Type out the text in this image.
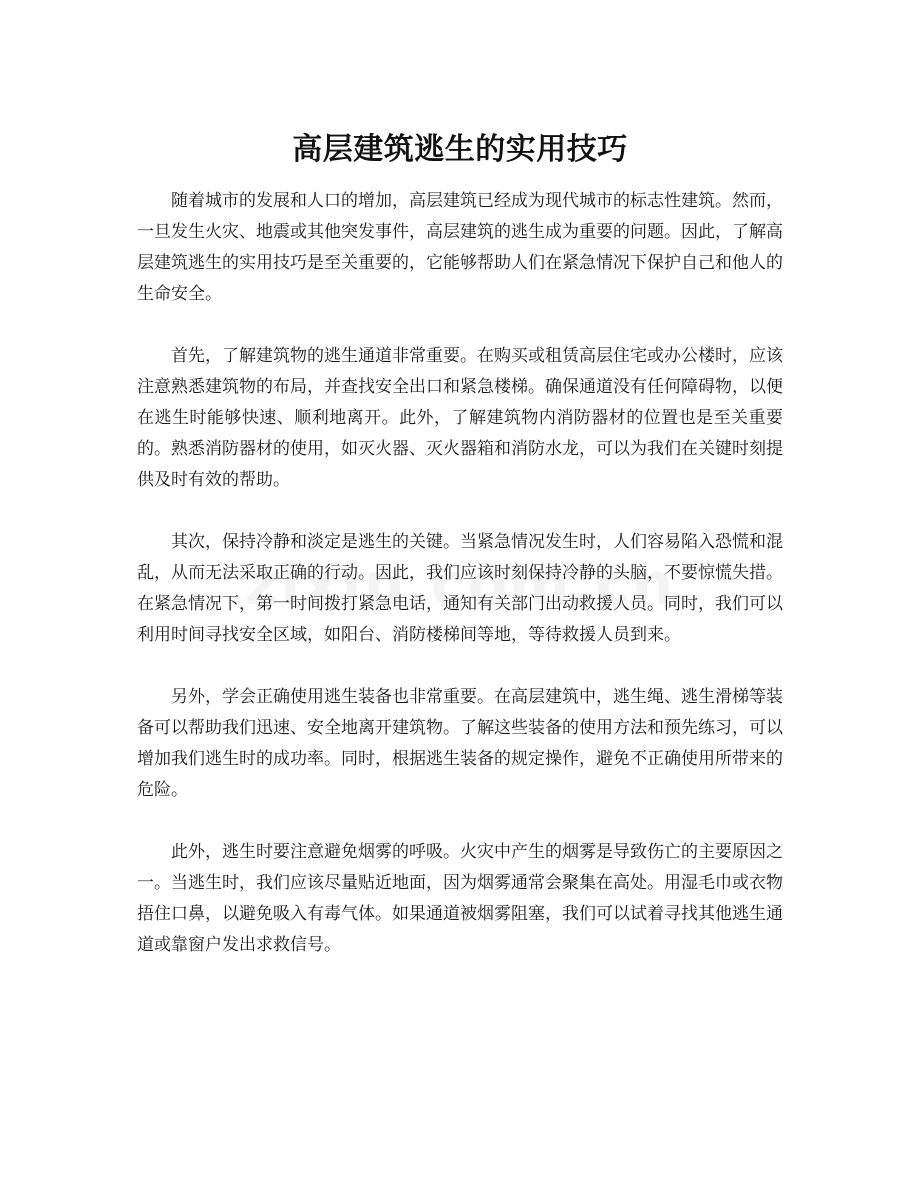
高层建筑逃生的实用技巧

随着城市的发展和人口的增加，高层建筑已经成为现代城市的标志性建筑。然而，一旦发生火灾、地震或其他突发事件，高层建筑的逃生成为重要的问题。因此，了解高层建筑逃生的实用技巧是至关重要的，它能够帮助人们在紧急情况下保护自己和他人的生命安全。

首先，了解建筑物的逃生通道非常重要。在购买或租赁高层住宅或办公楼时，应该注意熟悉建筑物的布局，并查找安全出口和紧急楼梯。确保通道没有任何障碍物，以便在逃生时能够快速、顺利地离开。此外，了解建筑物内消防器材的位置也是至关重要的。熟悉消防器材的使用，如灭火器、灭火器箱和消防水龙，可以为我们在关键时刻提供及时有效的帮助。

其次，保持冷静和淡定是逃生的关键。当紧急情况发生时，人们容易陷入恐慌和混乱，从而无法采取正确的行动。因此，我们应该时刻保持冷静的头脑，不要惊慌失措。在紧急情况下，第一时间拨打紧急电话，通知有关部门出动救援人员。同时，我们可以利用时间寻找安全区域，如阳台、消防楼梯间等地，等待救援人员到来。

另外，学会正确使用逃生装备也非常重要。在高层建筑中，逃生绳、逃生滑梯等装备可以帮助我们迅速、安全地离开建筑物。了解这些装备的使用方法和预先练习，可以增加我们逃生时的成功率。同时，根据逃生装备的规定操作，避免不正确使用所带来的危险。

此外，逃生时要注意避免烟雾的呼吸。火灾中产生的烟雾是导致伤亡的主要原因之一。当逃生时，我们应该尽量贴近地面，因为烟雾通常会聚集在高处。用湿毛巾或衣物捂住口鼻，以避免吸入有毒气体。如果通道被烟雾阻塞，我们可以试着寻找其他逃生通道或靠窗户发出求救信号。
